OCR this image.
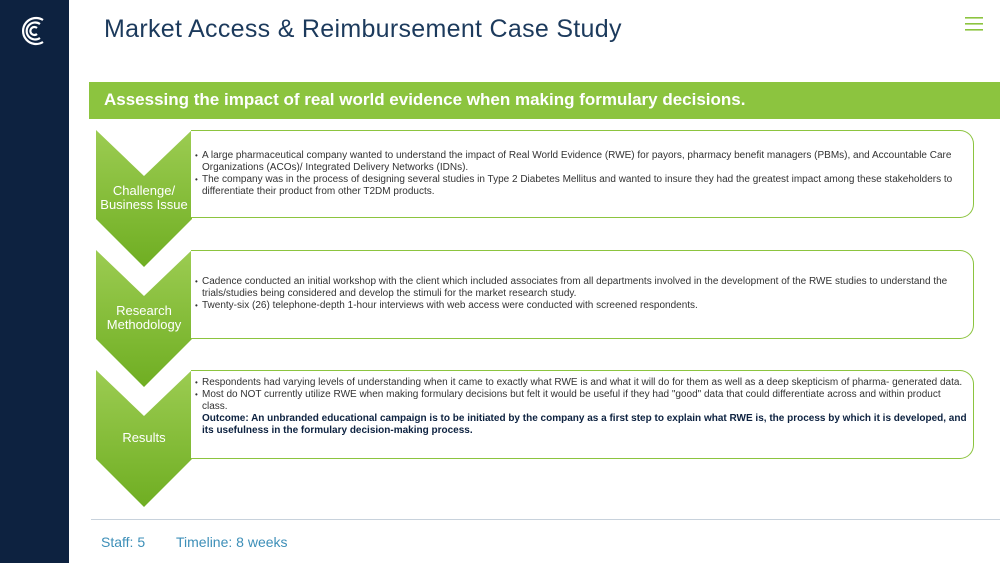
Market Access & Reimbursement Case Study
Assessing the impact of real world evidence when making formulary decisions.
Challenge/ Business Issue
Research Methodology
Results
• A large pharmaceutical company wanted to understand the impact of Real World Evidence (RWE) for payors, pharmacy benefit managers (PBMs), and Accountable Care Organizations (ACOs)/ Integrated Delivery Networks (IDNs).
• The company was in the process of designing several studies in Type 2 Diabetes Mellitus and wanted to insure they had the greatest impact among these stakeholders to differentiate their product from other T2DM products.
• Cadence conducted an initial workshop with the client which included associates from all departments involved in the development of the RWE studies to understand the trials/studies being considered and develop the stimuli for the market research study.
• Twenty-six (26) telephone-depth 1-hour interviews with web access were conducted with screened respondents.
• Respondents had varying levels of understanding when it came to exactly what RWE is and what it will do for them as well as a deep skepticism of pharma- generated data.
• Most do NOT currently utilize RWE when making formulary decisions but felt it would be useful if they had "good" data that could differentiate across and within product class.
Outcome: An unbranded educational campaign is to be initiated by the company as a first step to explain what RWE is, the process by which it is developed, and its usefulness in the formulary decision-making process.
Staff: 5 Timeline: 8 weeks
